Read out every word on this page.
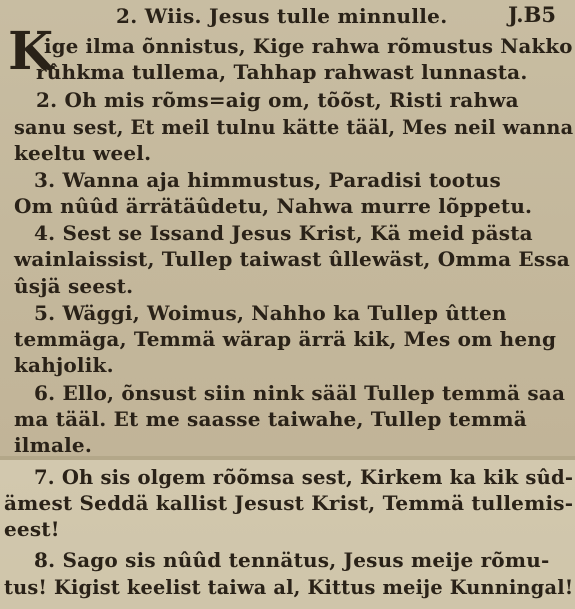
2. Wiis. Jesus tulle minnulle.	J.B5
K
ige ilma õnnistus, Kige rahwa rõmustus Nakko
rûhkma tullema, Tahhap rahwast lunnasta.
2. Oh mis rõms=aig om, tõõst, Risti rahwa
sanu sest, Et meil tulnu kätte tääl, Mes neil wanna
keeltu weel.
3. Wanna aja himmustus, Paradisi tootus
Om nûûd ärrätäûdetu, Nahwa murre lõppetu.
4. Sest se Issand Jesus Krist, Kä meid pästa
wainlaissist, Tullep taiwast ûllewäst, Omma Essa
ûsjä seest.
5. Wäggi, Woimus, Nahho ka Tullep ûtten
temmäga, Temmä wärap ärrä kik, Mes om heng
kahjolik.
6. Ello, õnsust siin nink sääl Tullep temmä saa
ma tääl. Et me saasse taiwahe, Tullep temmä
ilmale.
7. Oh sis olgem rõõmsa sest, Kirkem ka kik sûd-
ämest Seddä kallist Jesust Krist, Temmä tullemis-
eest!
8. Sago sis nûûd tennätus, Jesus meije rõmu-
tus! Kigist keelist taiwa al, Kittus meije Kunningal!
